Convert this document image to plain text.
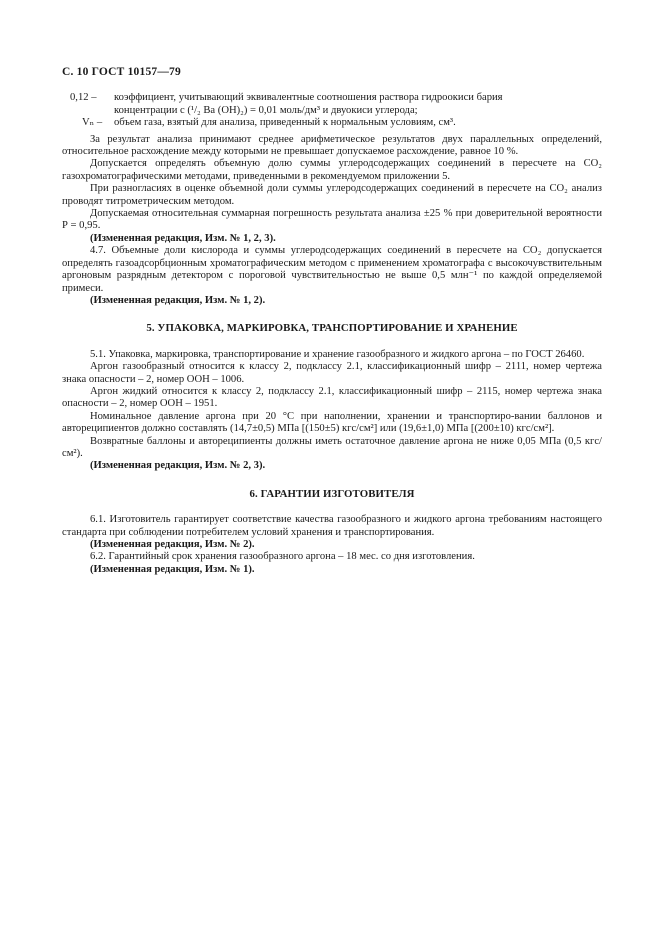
С. 10 ГОСТ 10157—79
0,12 –	коэффициент, учитывающий эквивалентные соотношения раствора гидроокиси бария
концентрации с (¹/₂ Ва (ОН)₂) = 0,01 моль/дм³ и двуокиси углерода;
Vₙ –	объем газа, взятый для анализа, приведенный к нормальным условиям, см³.

За результат анализа принимают среднее арифметическое результатов двух параллельных определений, относительное расхождение между которыми не превышает допускаемое расхождение, равное 10 %.

Допускается определять объемную долю суммы углеродсодержащих соединений в пересчете на СО₂ газохроматографическими методами, приведенными в рекомендуемом приложении 5.

При разногласиях в оценке объемной доли суммы углеродсодержащих соединений в пересчете на СО₂ анализ проводят титрометрическим методом.

Допускаемая относительная суммарная погрешность результата анализа ±25 % при доверительной вероятности Р = 0,95.

(Измененная редакция, Изм. № 1, 2, 3).

4.7. Объемные доли кислорода и суммы углеродсодержащих соединений в пересчете на СО₂ допускается определять газоадсорбционным хроматографическим методом с применением хроматографа с высокочувствительным аргоновым разрядным детектором с пороговой чувствительностью не выше 0,5 млн⁻¹ по каждой определяемой примеси.

(Измененная редакция, Изм. № 1, 2).

5. УПАКОВКА, МАРКИРОВКА, ТРАНСПОРТИРОВАНИЕ И ХРАНЕНИЕ

5.1. Упаковка, маркировка, транспортирование и хранение газообразного и жидкого аргона – по ГОСТ 26460.

Аргон газообразный относится к классу 2, подклассу 2.1, классификационный шифр – 2111, номер чертежа знака опасности – 2, номер ООН – 1006.

Аргон жидкий относится к классу 2, подклассу 2.1, классификационный шифр – 2115, номер чертежа знака опасности – 2, номер ООН – 1951.

Номинальное давление аргона при 20 °С при наполнении, хранении и транспортиро-вании баллонов и автореципиентов должно составлять (14,7±0,5) МПа [(150±5) кгс/см²] или (19,6±1,0) МПа [(200±10) кгс/см²].

Возвратные баллоны и автореципиенты должны иметь остаточное давление аргона не ниже 0,05 МПа (0,5 кгс/см²).

(Измененная редакция, Изм. № 2, 3).

6. ГАРАНТИИ ИЗГОТОВИТЕЛЯ

6.1. Изготовитель гарантирует соответствие качества газообразного и жидкого аргона требованиям настоящего стандарта при соблюдении потребителем условий хранения и транспортирования.

(Измененная редакция, Изм. № 2).

6.2. Гарантийный срок хранения газообразного аргона – 18 мес. со дня изготовления.

(Измененная редакция, Изм. № 1).
